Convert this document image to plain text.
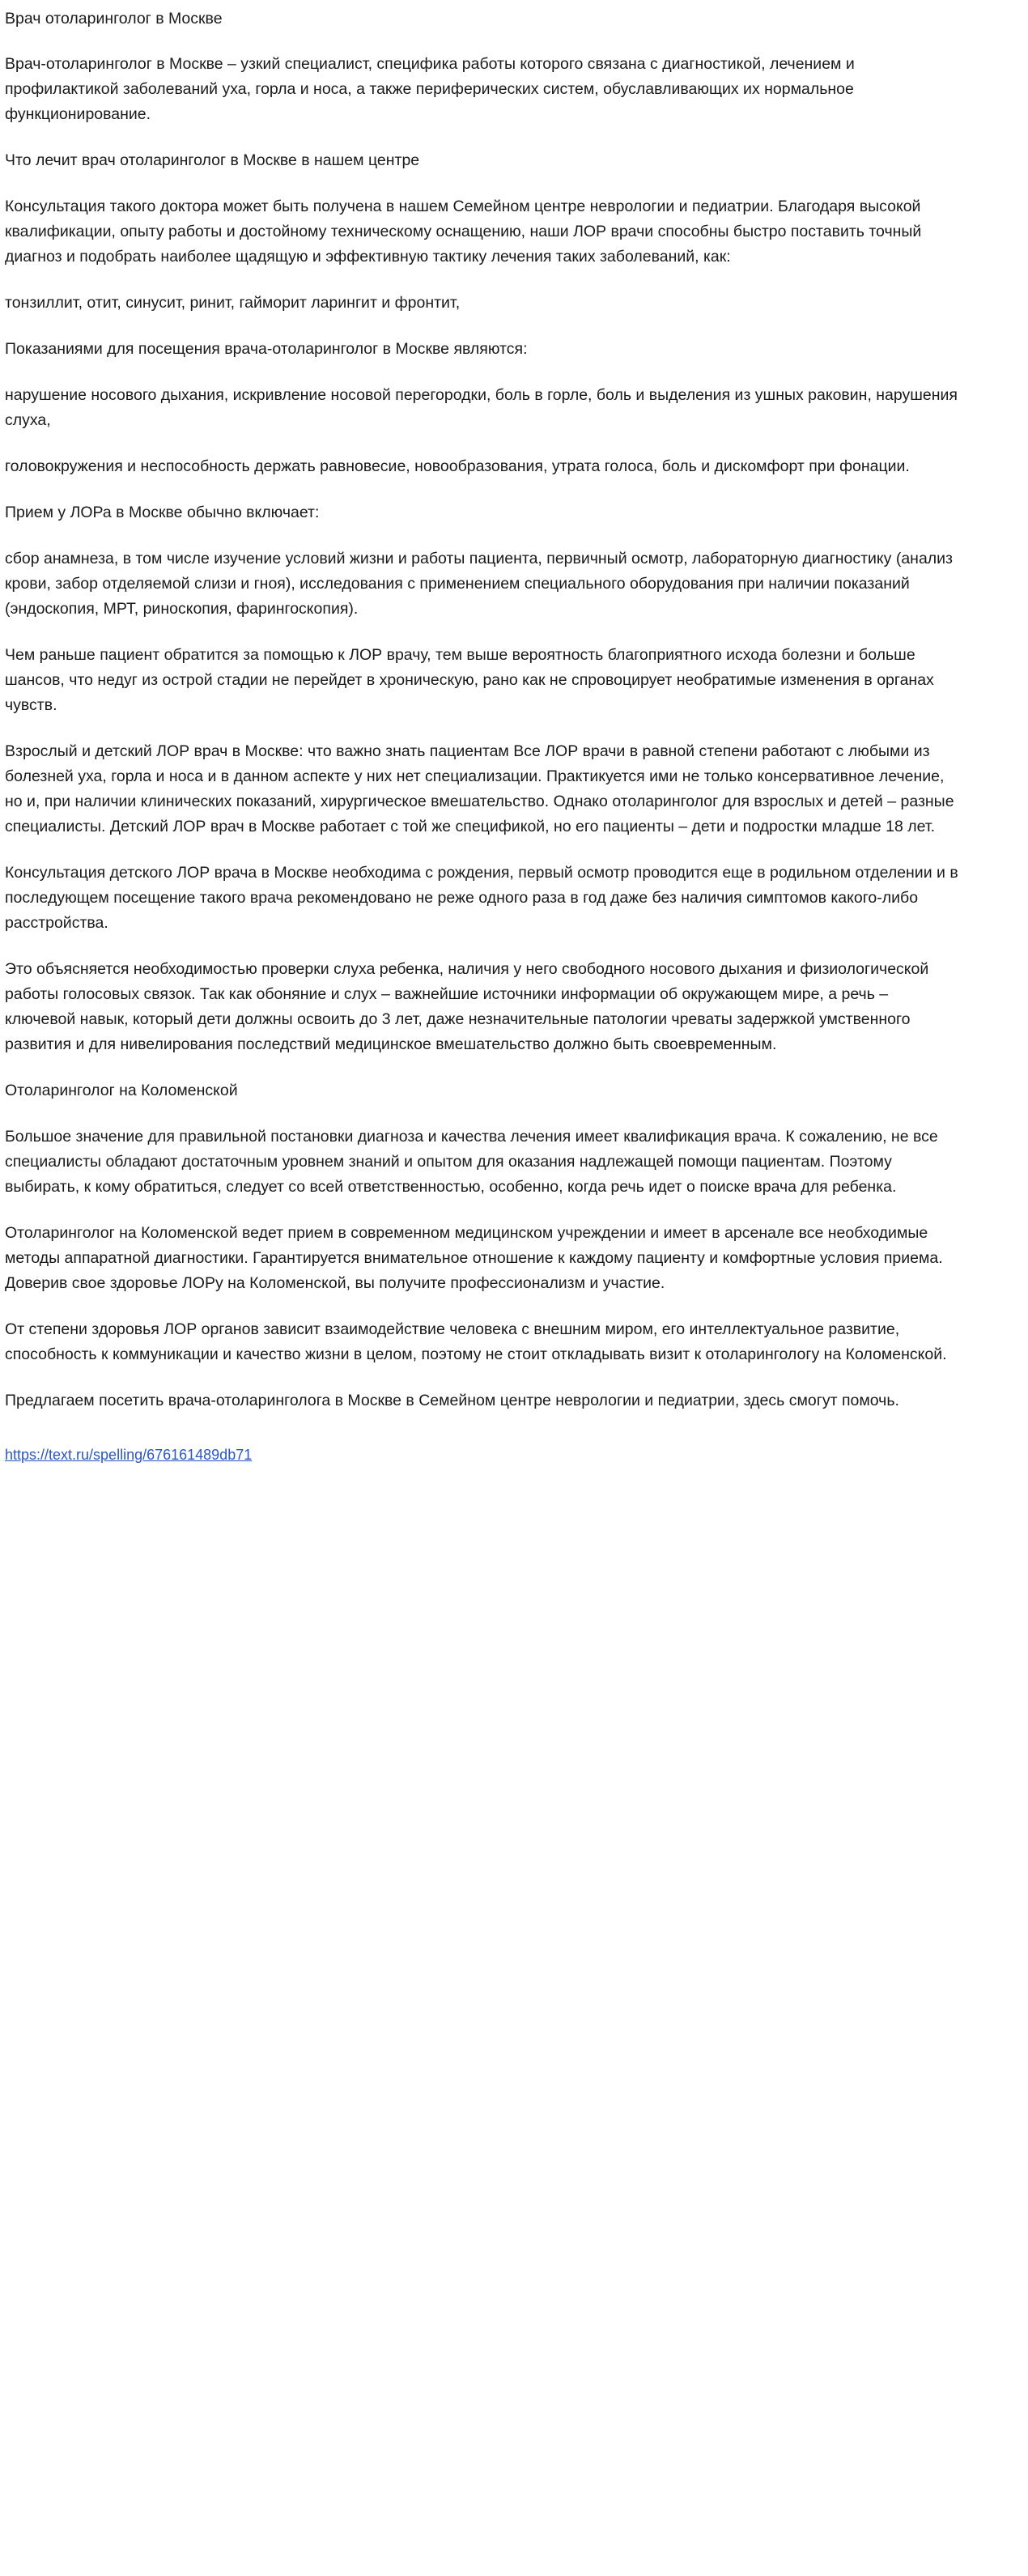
Врач отоларинголог в Москве

Врач-отоларинголог в Москве – узкий специалист, специфика работы которого связана с диагностикой, лечением и профилактикой заболеваний уха, горла и носа, а также периферических систем, обуславливающих их нормальное функционирование.

Что лечит врач отоларинголог в Москве в нашем центре

Консультация такого доктора может быть получена в нашем Семейном центре неврологии и педиатрии. Благодаря высокой квалификации, опыту работы и достойному техническому оснащению, наши ЛОР врачи способны быстро поставить точный диагноз и подобрать наиболее щадящую и эффективную тактику лечения таких заболеваний, как:

тонзиллит, отит, синусит, ринит, гайморит ларингит и фронтит,

Показаниями для посещения врача-отоларинголог в Москве являются:

нарушение носового дыхания, искривление носовой перегородки, боль в горле, боль и выделения из ушных раковин, нарушения слуха,

головокружения и неспособность держать равновесие, новообразования, утрата голоса, боль и дискомфорт при фонации.

Прием у ЛОРа в Москве обычно включает:

сбор анамнеза, в том числе изучение условий жизни и работы пациента, первичный осмотр, лабораторную диагностику (анализ крови, забор отделяемой слизи и гноя), исследования с применением специального оборудования при наличии показаний (эндоскопия, МРТ, риноскопия, фарингоскопия).

Чем раньше пациент обратится за помощью к ЛОР врачу, тем выше вероятность благоприятного исхода болезни и больше шансов, что недуг из острой стадии не перейдет в хроническую, рано как не спровоцирует необратимые изменения в органах чувств.

Взрослый и детский ЛОР врач в Москве: что важно знать пациентам Все ЛОР врачи в равной степени работают с любыми из болезней уха, горла и носа и в данном аспекте у них нет специализации. Практикуется ими не только консервативное лечение, но и, при наличии клинических показаний, хирургическое вмешательство. Однако отоларинголог для взрослых и детей – разные специалисты. Детский ЛОР врач в Москве работает с той же спецификой, но его пациенты – дети и подростки младше 18 лет.

Консультация детского ЛОР врача в Москве необходима с рождения, первый осмотр проводится еще в родильном отделении и в последующем посещение такого врача рекомендовано не реже одного раза в год даже без наличия симптомов какого-либо расстройства.

Это объясняется необходимостью проверки слуха ребенка, наличия у него свободного носового дыхания и физиологической работы голосовых связок. Так как обоняние и слух – важнейшие источники информации об окружающем мире, а речь – ключевой навык, который дети должны освоить до 3 лет, даже незначительные патологии чреваты задержкой умственного развития и для нивелирования последствий медицинское вмешательство должно быть своевременным.

Отоларинголог на Коломенской

Большое значение для правильной постановки диагноза и качества лечения имеет квалификация врача. К сожалению, не все специалисты обладают достаточным уровнем знаний и опытом для оказания надлежащей помощи пациентам. Поэтому выбирать, к кому обратиться, следует со всей ответственностью, особенно, когда речь идет о поиске врача для ребенка.

Отоларинголог на Коломенской ведет прием в современном медицинском учреждении и имеет в арсенале все необходимые методы аппаратной диагностики. Гарантируется внимательное отношение к каждому пациенту и комфортные условия приема. Доверив свое здоровье ЛОРу на Коломенской, вы получите профессионализм и участие.

От степени здоровья ЛОР органов зависит взаимодействие человека с внешним миром, его интеллектуальное развитие, способность к коммуникации и качество жизни в целом, поэтому не стоит откладывать визит к отоларингологу на Коломенской.

Предлагаем посетить врача-отоларинголога в Москве в Семейном центре неврологии и педиатрии, здесь смогут помочь.

https://text.ru/spelling/676161489db71
